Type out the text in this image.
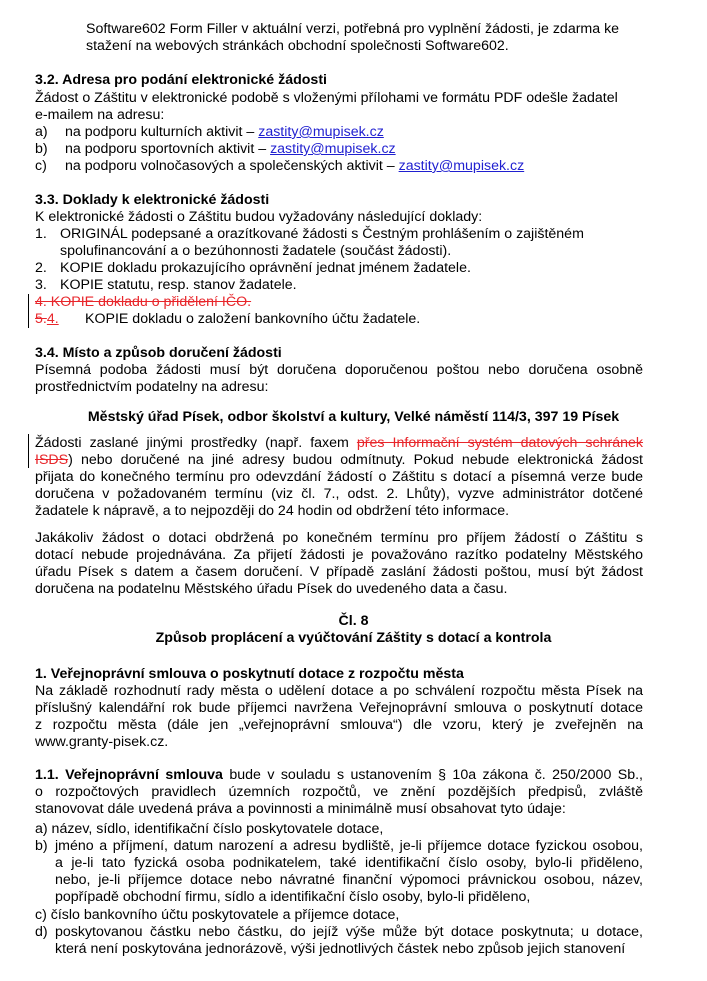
Software602 Form Filler v aktuální verzi, potřebná pro vyplnění žádosti, je zdarma ke
stažení na webových stránkách obchodní společnosti Software602.
3.2. Adresa pro podání elektronické žádosti
Žádost o Záštitu v elektronické podobě s vloženými přílohami ve formátu PDF odešle žadatel
e-mailem na adresu:
a) na podporu kulturních aktivit – zastity@mupisek.cz
b) na podporu sportovních aktivit – zastity@mupisek.cz
c) na podporu volnočasových a společenských aktivit – zastity@mupisek.cz
3.3. Doklady k elektronické žádosti
K elektronické žádosti o Záštitu budou vyžadovány následující doklady:
1. ORIGINÁL podepsané a orazítkované žádosti s Čestným prohlášením o zajištěném
spolufinancování a o bezúhonnosti žadatele (součást žádosti).
2. KOPIE dokladu prokazujícího oprávnění jednat jménem žadatele.
3. KOPIE statutu, resp. stanov žadatele.
4. KOPIE dokladu o přidělení IČO.
5.4. KOPIE dokladu o založení bankovního účtu žadatele.
3.4. Místo a způsob doručení žádosti
Písemná podoba žádosti musí být doručena doporučenou poštou nebo doručena osobně
prostřednictvím podatelny na adresu:
Městský úřad Písek, odbor školství a kultury, Velké náměstí 114/3, 397 19 Písek
Žádosti zaslané jinými prostředky (např. faxem přes Informační systém datových schránek
ISDS) nebo doručené na jiné adresy budou odmítnuty. Pokud nebude elektronická žádost
přijata do konečného termínu pro odevzdání žádostí o Záštitu s dotací a písemná verze bude
doručena v požadovaném termínu (viz čl. 7., odst. 2. Lhůty), vyzve administrátor dotčené
žadatele k nápravě, a to nejpozději do 24 hodin od obdržení této informace.
Jakákoliv žádost o dotaci obdržená po konečném termínu pro příjem žádostí o Záštitu s
dotací nebude projednávána. Za přijetí žádosti je považováno razítko podatelny Městského
úřadu Písek s datem a časem doručení. V případě zaslání žádosti poštou, musí být žádost
doručena na podatelnu Městského úřadu Písek do uvedeného data a času.
Čl. 8
Způsob proplácení a vyúčtování Záštity s dotací a kontrola
1. Veřejnoprávní smlouva o poskytnutí dotace z rozpočtu města
Na základě rozhodnutí rady města o udělení dotace a po schválení rozpočtu města Písek na
příslušný kalendářní rok bude příjemci navržena Veřejnoprávní smlouva o poskytnutí dotace
z rozpočtu města (dále jen „veřejnoprávní smlouva“) dle vzoru, který je zveřejněn na
www.granty-pisek.cz.
1.1. Veřejnoprávní smlouva bude v souladu s ustanovením § 10a zákona č. 250/2000 Sb.,
o rozpočtových pravidlech územních rozpočtů, ve znění pozdějších předpisů, zvláště
stanovovat dále uvedená práva a povinnosti a minimálně musí obsahovat tyto údaje:
a) název, sídlo, identifikační číslo poskytovatele dotace,
b) jméno a příjmení, datum narození a adresu bydliště, je-li příjemce dotace fyzickou osobou,
a je-li tato fyzická osoba podnikatelem, také identifikační číslo osoby, bylo-li přiděleno,
nebo, je-li příjemce dotace nebo návratné finanční výpomoci právnickou osobou, název,
popřípadě obchodní firmu, sídlo a identifikační číslo osoby, bylo-li přiděleno,
c) číslo bankovního účtu poskytovatele a příjemce dotace,
d) poskytovanou částku nebo částku, do jejíž výše může být dotace poskytnuta; u dotace,
která není poskytována jednorázově, výši jednotlivých částek nebo způsob jejich stanovení
